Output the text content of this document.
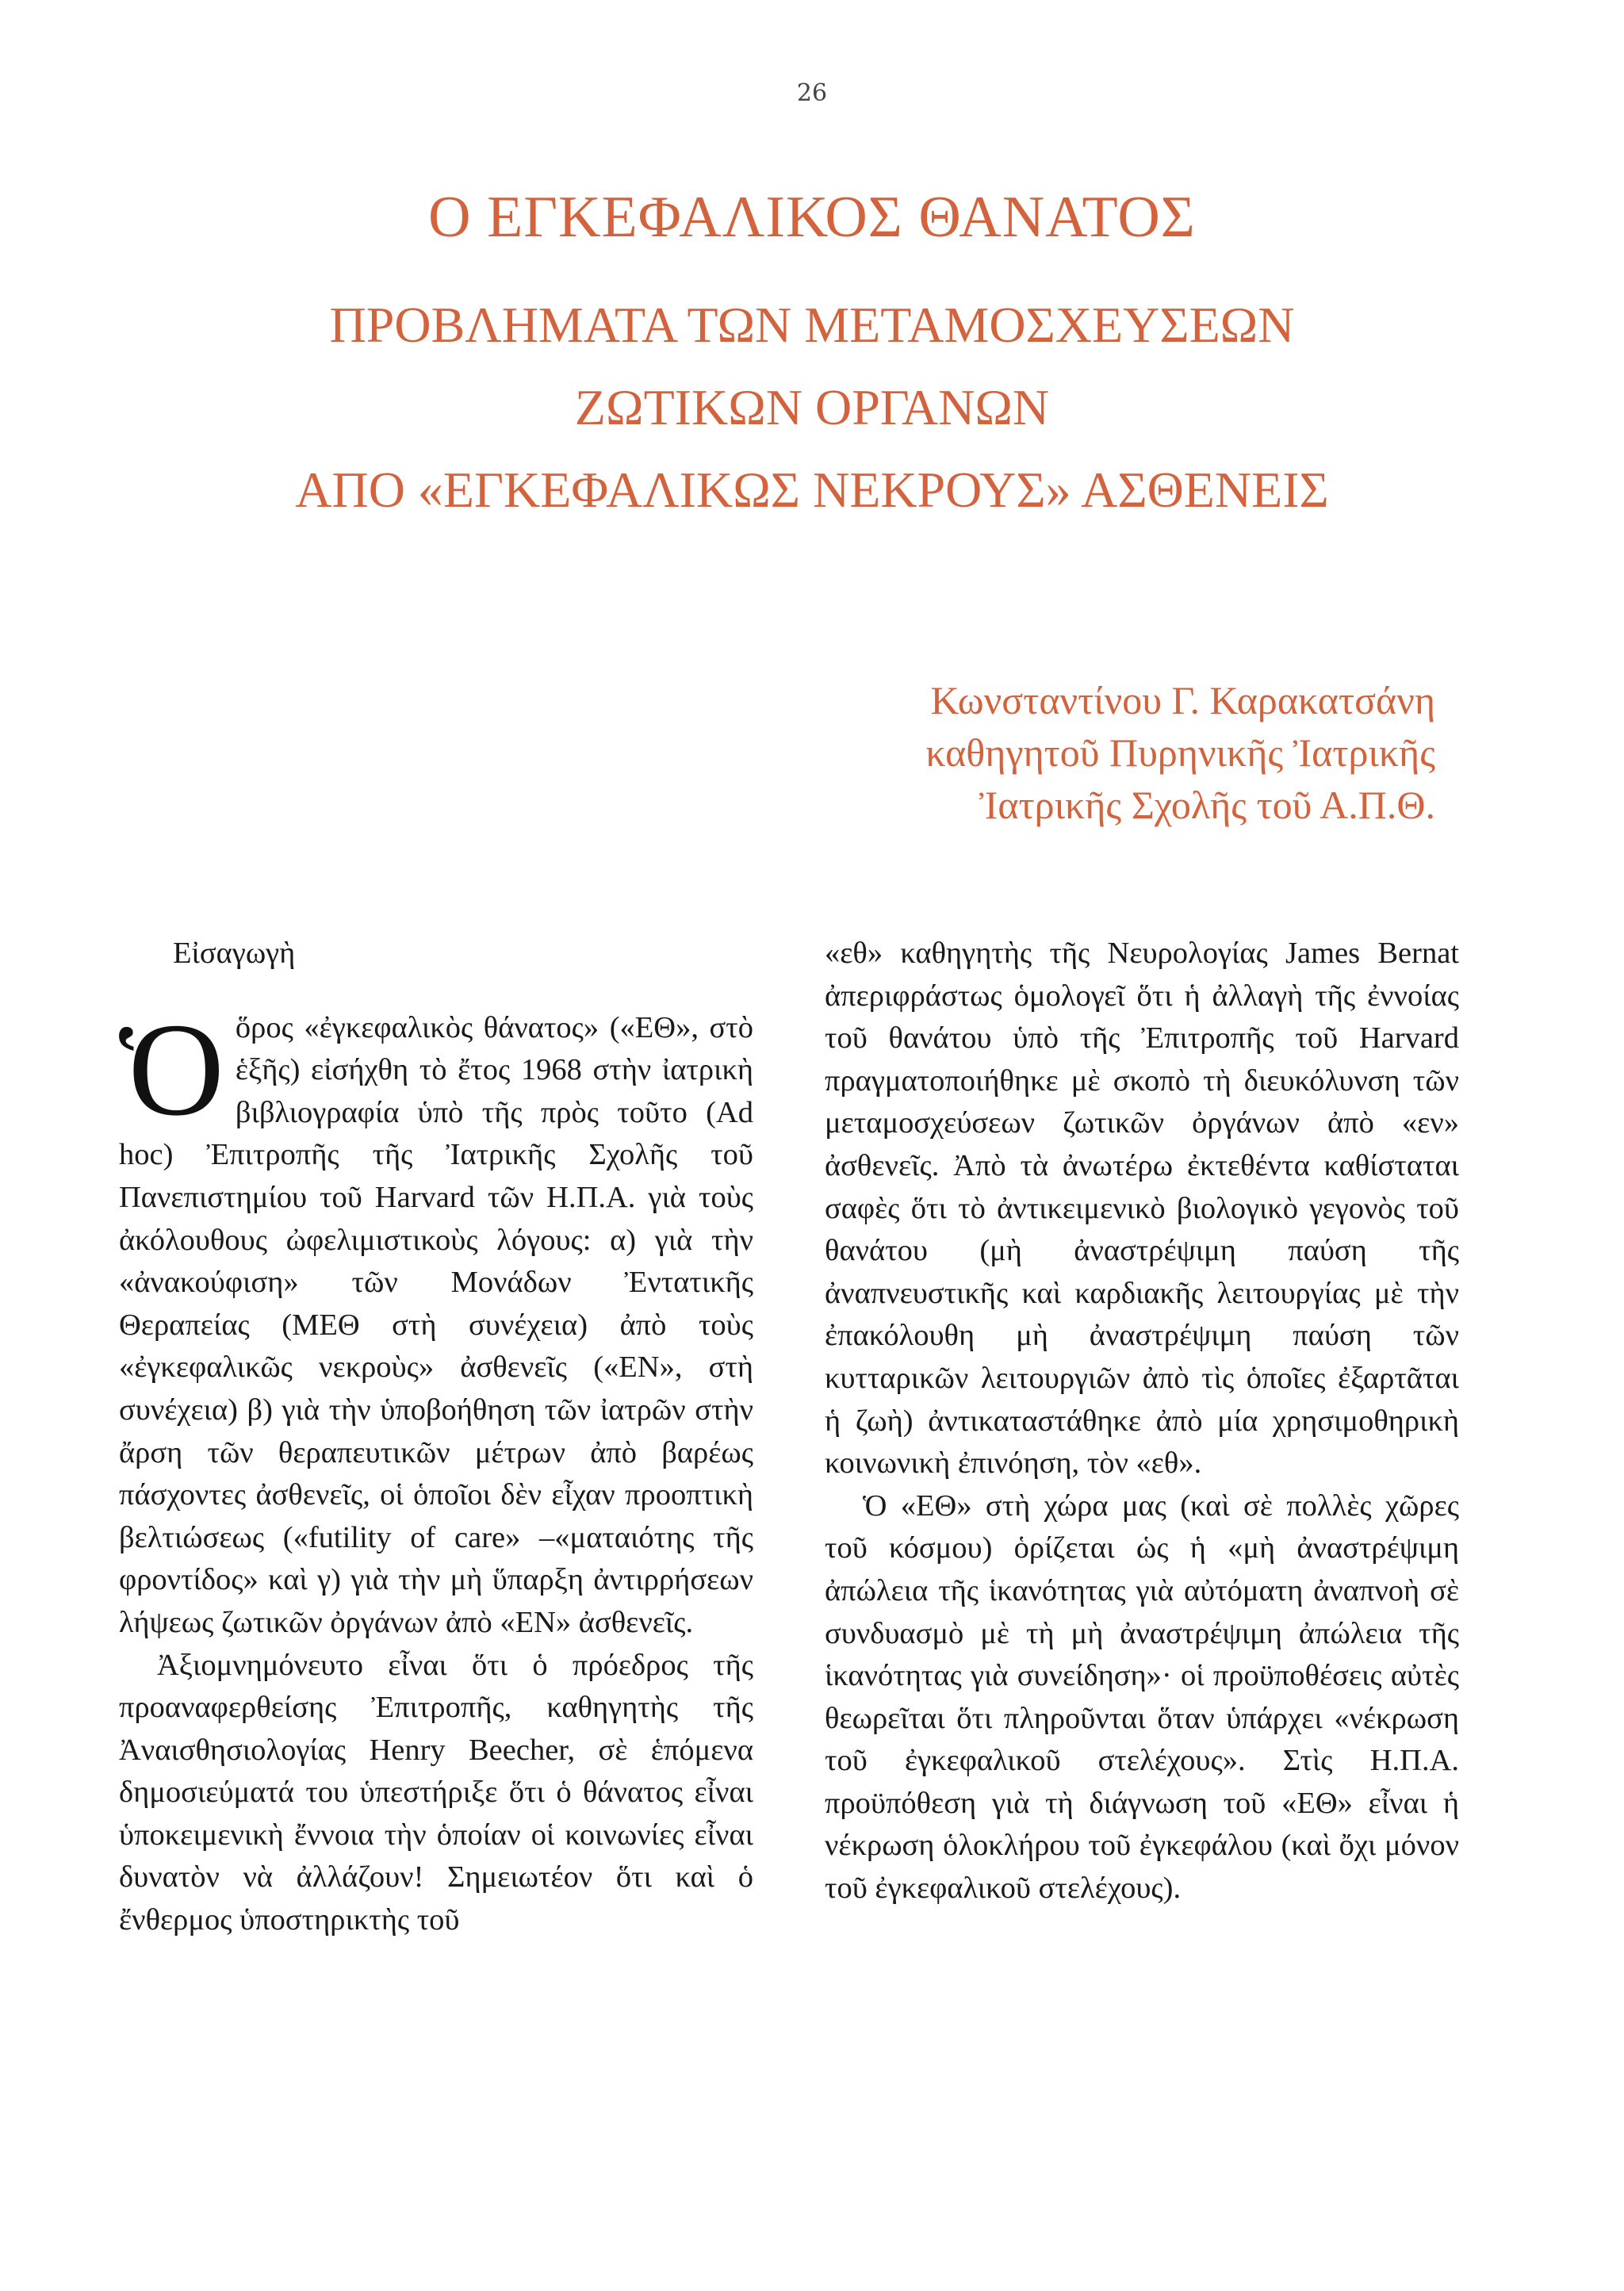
26
Ο ΕΓΚΕΦΑΛΙΚΟΣ ΘΑΝΑΤΟΣ
ΠΡΟΒΛΗΜΑΤΑ ΤΩΝ ΜΕΤΑΜΟΣΧΕΥΣΕΩΝ
ΖΩΤΙΚΩΝ ΟΡΓΑΝΩΝ
ΑΠΟ «ΕΓΚΕΦΑΛΙΚΩΣ ΝΕΚΡΟΥΣ» ΑΣΘΕΝΕΙΣ
Κωνσταντίνου Γ. Καρακατσάνη
καθηγητοῦ Πυρηνικῆς Ἰατρικῆς
Ἰατρικῆς Σχολῆς τοῦ Α.Π.Θ.
Εἰσαγωγὴ

Ὁὅρος «ἐγκεφαλικὸς θάνατος» («ΕΘ», στὸ ἑξῆς) εἰσήχθη τὸ ἔτος 1968 στὴν ἰατρικὴ βιβλιογραφία ὑπὸ τῆς πρὸς τοῦτο (Ad hoc) Ἐπιτροπῆς τῆς Ἰατρικῆς Σχολῆς τοῦ Πανεπιστημίου τοῦ Harvard τῶν Η.Π.Α. γιὰ τοὺς ἀκόλουθους ὠφελιμιστικοὺς λόγους: α) γιὰ τὴν «ἀνακούφιση» τῶν Μονάδων Ἐντατικῆς Θεραπείας (ΜΕΘ στὴ συνέχεια) ἀπὸ τοὺς «ἐγκεφαλικῶς νεκροὺς» ἀσθενεῖς («ΕΝ», στὴ συνέχεια) β) γιὰ τὴν ὑποβοήθηση τῶν ἰατρῶν στὴν ἄρση τῶν θεραπευτικῶν μέτρων ἀπὸ βαρέως πάσχοντες ἀσθενεῖς, οἱ ὁποῖοι δὲν εἶχαν προοπτικὴ βελτιώσεως («futility of care» –«ματαιότης τῆς φροντίδος» καὶ γ) γιὰ τὴν μὴ ὕπαρξη ἀντιρρήσεων λήψεως ζωτικῶν ὀργάνων ἀπὸ «ΕΝ» ἀσθενεῖς.

Ἀξιομνημόνευτο εἶναι ὅτι ὁ πρόεδρος τῆς προαναφερθείσης Ἐπιτροπῆς, καθηγητὴς τῆς Ἀναισθησιολογίας Henry Beecher, σὲ ἑπόμενα δημοσιεύματά του ὑπεστήριξε ὅτι ὁ θάνατος εἶναι ὑποκειμενικὴ ἔννοια τὴν ὁποίαν οἱ κοινωνίες εἶναι δυνατὸν νὰ ἀλλάζουν! Σημειωτέον ὅτι καὶ ὁ ἔνθερμος ὑποστηρικτὴς τοῦ

«εθ» καθηγητὴς τῆς Νευρολογίας James Bernat ἀπεριφράστως ὁμολογεῖ ὅτι ἡ ἀλλαγὴ τῆς ἐννοίας τοῦ θανάτου ὑπὸ τῆς Ἐπιτροπῆς τοῦ Harvard πραγματοποιήθηκε μὲ σκοπὸ τὴ διευκόλυνση τῶν μεταμοσχεύσεων ζωτικῶν ὀργάνων ἀπὸ «εν» ἀσθενεῖς. Ἀπὸ τὰ ἀνωτέρω ἐκτεθέντα καθίσταται σαφὲς ὅτι τὸ ἀντικειμενικὸ βιολογικὸ γεγονὸς τοῦ θανάτου (μὴ ἀναστρέψιμη παύση τῆς ἀναπνευστικῆς καὶ καρδιακῆς λειτουργίας μὲ τὴν ἐπακόλουθη μὴ ἀναστρέψιμη παύση τῶν κυτταρικῶν λειτουργιῶν ἀπὸ τὶς ὁποῖες ἐξαρτᾶται ἡ ζωὴ) ἀντικαταστάθηκε ἀπὸ μία χρησιμοθηρικὴ κοινωνικὴ ἐπινόηση, τὸν «εθ».

Ὁ «ΕΘ» στὴ χώρα μας (καὶ σὲ πολλὲς χῶρες τοῦ κόσμου) ὁρίζεται ὡς ἡ «μὴ ἀναστρέψιμη ἀπώλεια τῆς ἱκανότητας γιὰ αὐτόματη ἀναπνοὴ σὲ συνδυασμὸ μὲ τὴ μὴ ἀναστρέψιμη ἀπώλεια τῆς ἱκανότητας γιὰ συνείδηση»· οἱ προϋποθέσεις αὐτὲς θεωρεῖται ὅτι πληροῦνται ὅταν ὑπάρχει «νέκρωση τοῦ ἐγκεφαλικοῦ στελέχους». Στὶς Η.Π.Α. προϋπόθεση γιὰ τὴ διάγνωση τοῦ «ΕΘ» εἶναι ἡ νέκρωση ὁλοκλήρου τοῦ ἐγκεφάλου (καὶ ὄχι μόνον τοῦ ἐγκεφαλικοῦ στελέχους).
